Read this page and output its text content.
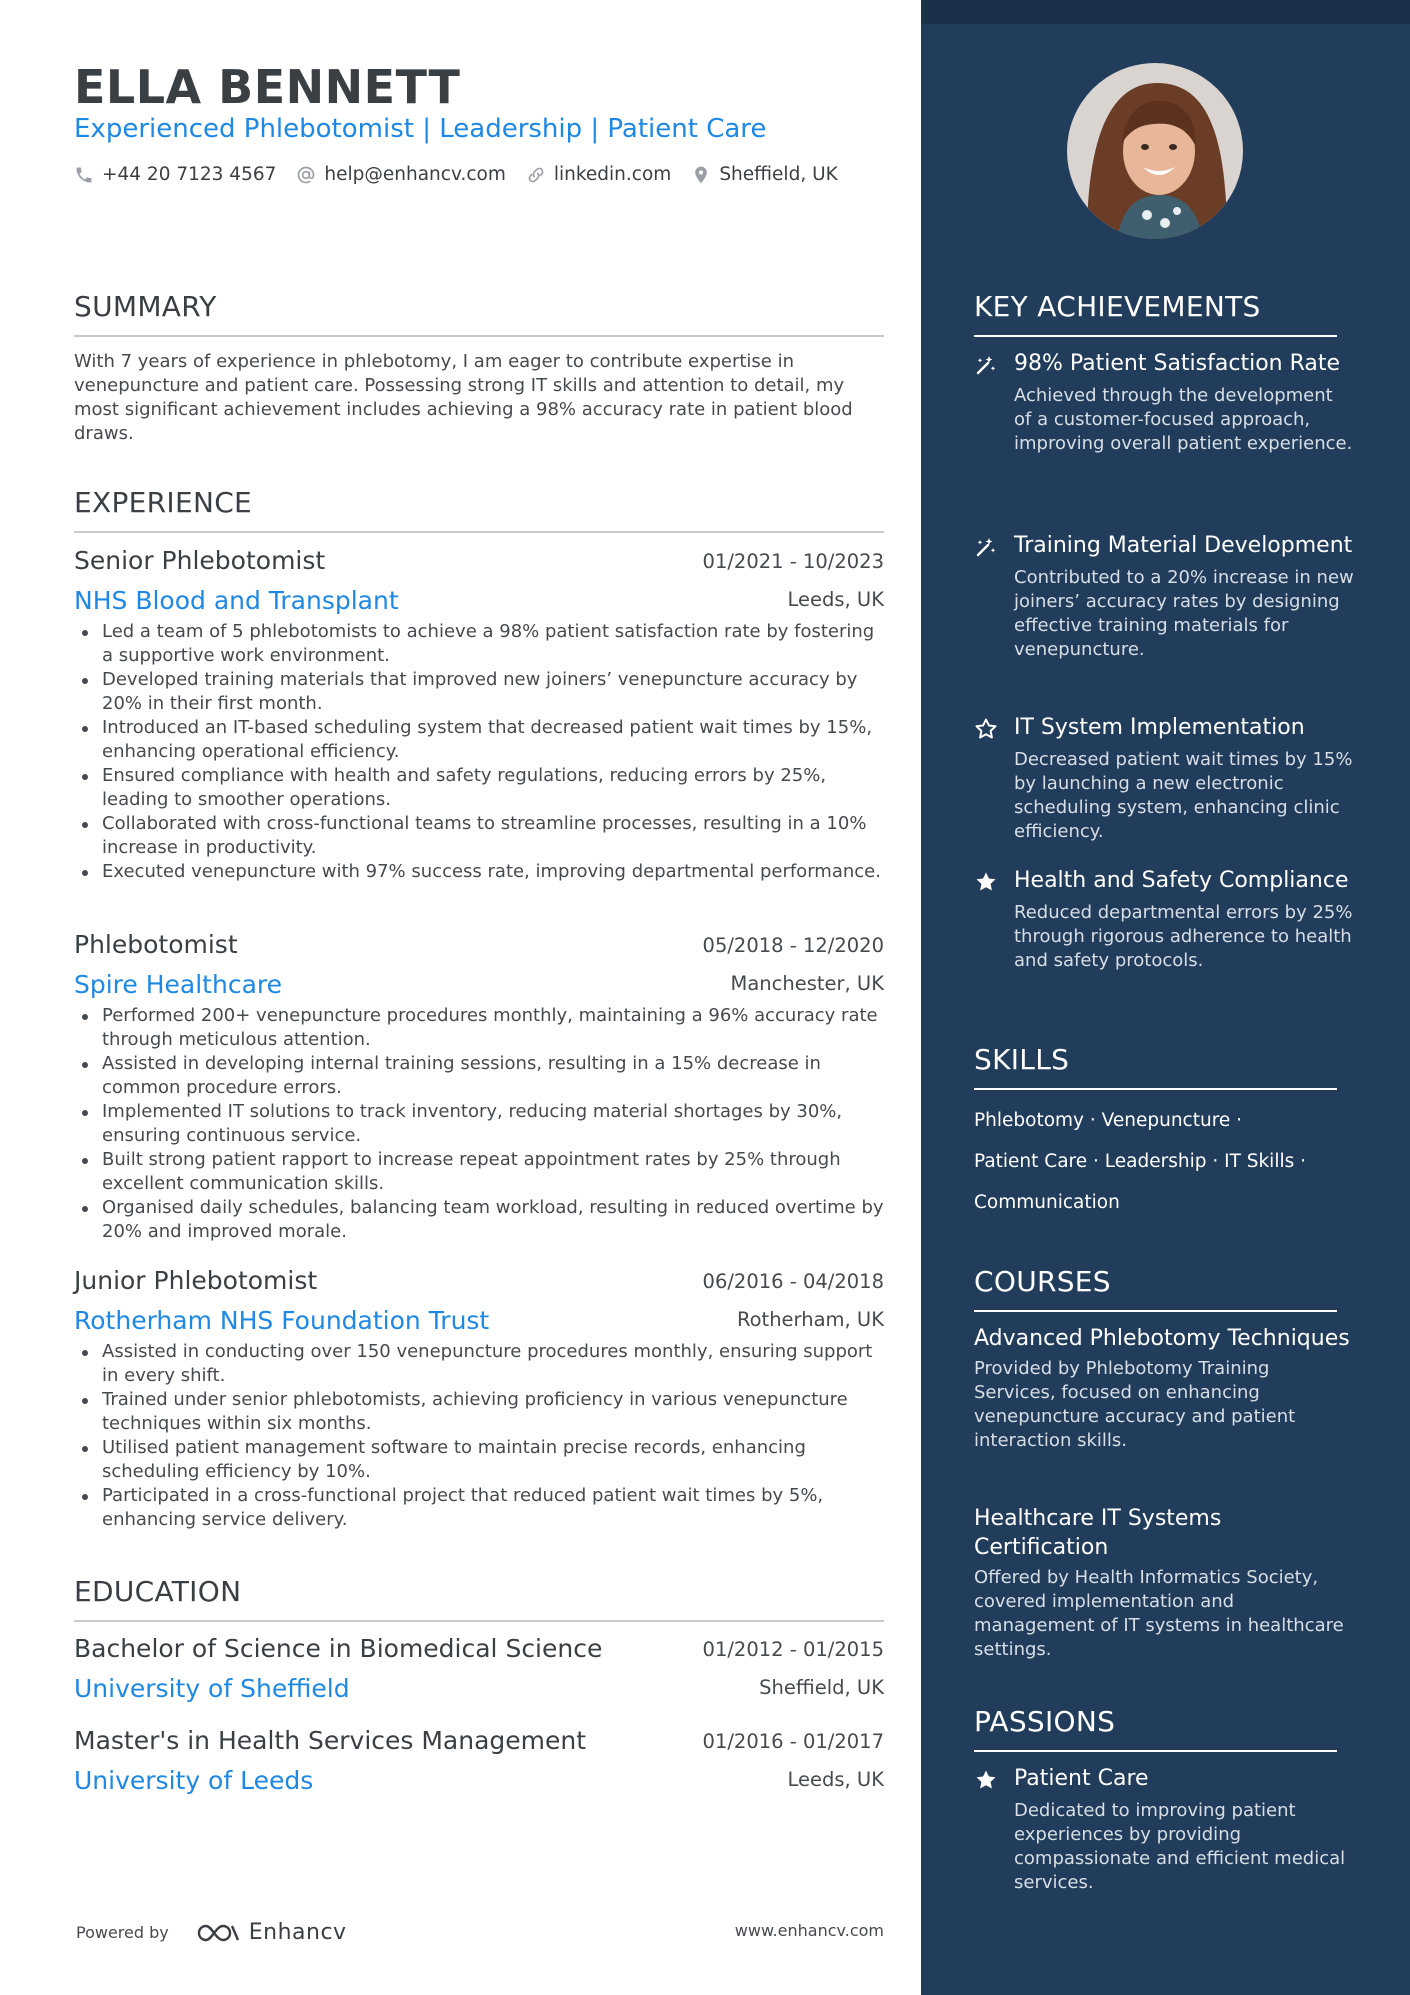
ELLA BENNETT
Experienced Phlebotomist | Leadership | Patient Care
+44 20 7123 4567	help@enhancv.com	linkedin.com	Sheffield, UK
SUMMARY
With 7 years of experience in phlebotomy, I am eager to contribute expertise in venepuncture and patient care. Possessing strong IT skills and attention to detail, my most significant achievement includes achieving a 98% accuracy rate in patient blood draws.
EXPERIENCE
Senior Phlebotomist	01/2021 - 10/2023
NHS Blood and Transplant	Leeds, UK
Led a team of 5 phlebotomists to achieve a 98% patient satisfaction rate by fostering a supportive work environment.
Developed training materials that improved new joiners’ venepuncture accuracy by 20% in their first month.
Introduced an IT-based scheduling system that decreased patient wait times by 15%, enhancing operational efficiency.
Ensured compliance with health and safety regulations, reducing errors by 25%, leading to smoother operations.
Collaborated with cross-functional teams to streamline processes, resulting in a 10% increase in productivity.
Executed venepuncture with 97% success rate, improving departmental performance.
Phlebotomist	05/2018 - 12/2020
Spire Healthcare	Manchester, UK
Performed 200+ venepuncture procedures monthly, maintaining a 96% accuracy rate through meticulous attention.
Assisted in developing internal training sessions, resulting in a 15% decrease in common procedure errors.
Implemented IT solutions to track inventory, reducing material shortages by 30%, ensuring continuous service.
Built strong patient rapport to increase repeat appointment rates by 25% through excellent communication skills.
Organised daily schedules, balancing team workload, resulting in reduced overtime by 20% and improved morale.
Junior Phlebotomist	06/2016 - 04/2018
Rotherham NHS Foundation Trust	Rotherham, UK
Assisted in conducting over 150 venepuncture procedures monthly, ensuring support in every shift.
Trained under senior phlebotomists, achieving proficiency in various venepuncture techniques within six months.
Utilised patient management software to maintain precise records, enhancing scheduling efficiency by 10%.
Participated in a cross-functional project that reduced patient wait times by 5%, enhancing service delivery.
EDUCATION
Bachelor of Science in Biomedical Science	01/2012 - 01/2015
University of Sheffield	Sheffield, UK
Master's in Health Services Management	01/2016 - 01/2017
University of Leeds	Leeds, UK
Powered by	Enhancv	www.enhancv.com
KEY ACHIEVEMENTS
98% Patient Satisfaction Rate
Achieved through the development of a customer-focused approach, improving overall patient experience.
Training Material Development
Contributed to a 20% increase in new joiners’ accuracy rates by designing effective training materials for venepuncture.
IT System Implementation
Decreased patient wait times by 15% by launching a new electronic scheduling system, enhancing clinic efficiency.
Health and Safety Compliance
Reduced departmental errors by 25% through rigorous adherence to health and safety protocols.
SKILLS
Phlebotomy · Venepuncture ·
Patient Care · Leadership · IT Skills ·
Communication
COURSES
Advanced Phlebotomy Techniques
Provided by Phlebotomy Training Services, focused on enhancing venepuncture accuracy and patient interaction skills.
Healthcare IT Systems Certification
Offered by Health Informatics Society, covered implementation and management of IT systems in healthcare settings.
PASSIONS
Patient Care
Dedicated to improving patient experiences by providing compassionate and efficient medical services.
